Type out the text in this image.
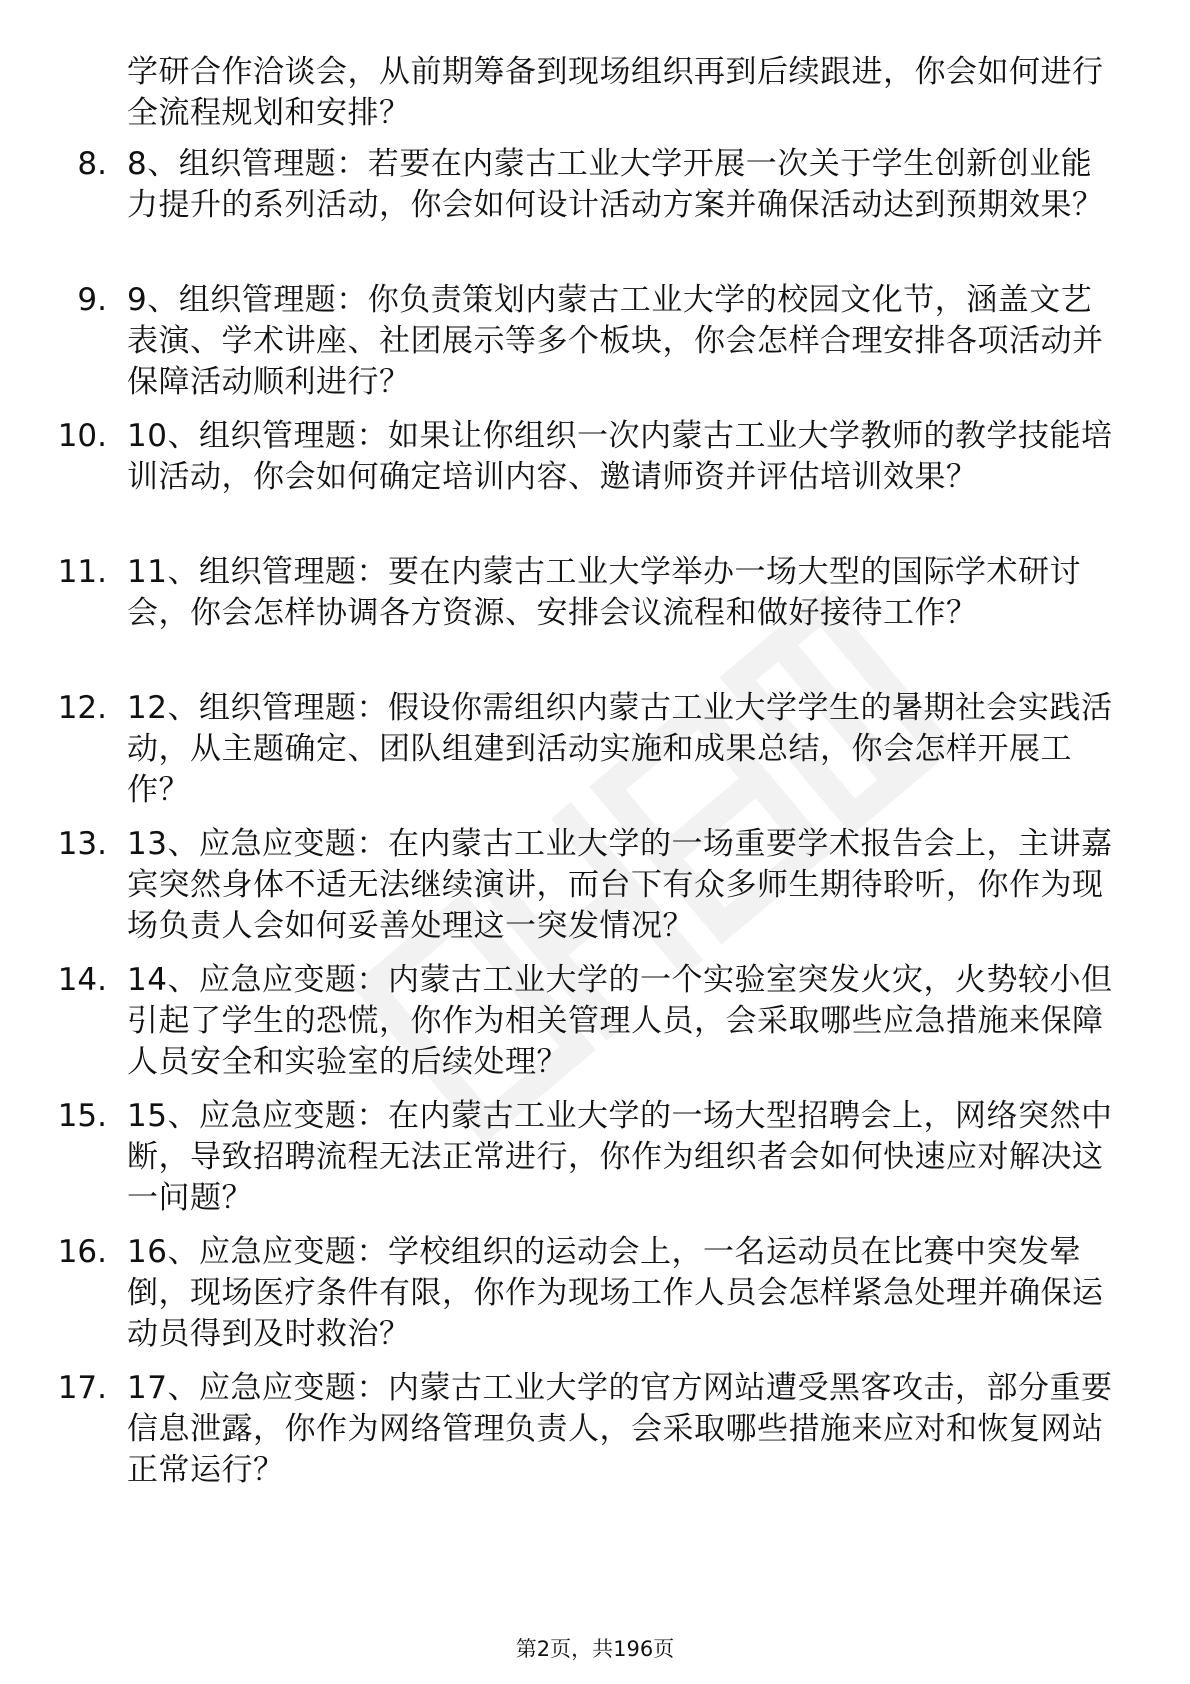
学研合作洽谈会，从前期筹备到现场组织再到后续跟进，你会如何进行全流程规划和安排？
8. 8、组织管理题：若要在内蒙古工业大学开展一次关于学生创新创业能力提升的系列活动，你会如何设计活动方案并确保活动达到预期效果？
9. 9、组织管理题：你负责策划内蒙古工业大学的校园文化节，涵盖文艺表演、学术讲座、社团展示等多个板块，你会怎样合理安排各项活动并保障活动顺利进行？
10. 10、组织管理题：如果让你组织一次内蒙古工业大学教师的教学技能培训活动，你会如何确定培训内容、邀请师资并评估培训效果？
11. 11、组织管理题：要在内蒙古工业大学举办一场大型的国际学术研讨会，你会怎样协调各方资源、安排会议流程和做好接待工作？
12. 12、组织管理题：假设你需组织内蒙古工业大学学生的暑期社会实践活动，从主题确定、团队组建到活动实施和成果总结，你会怎样开展工作？
13. 13、应急应变题：在内蒙古工业大学的一场重要学术报告会上，主讲嘉宾突然身体不适无法继续演讲，而台下有众多师生期待聆听，你作为现场负责人会如何妥善处理这一突发情况？
14. 14、应急应变题：内蒙古工业大学的一个实验室突发火灾，火势较小但引起了学生的恐慌，你作为相关管理人员，会采取哪些应急措施来保障人员安全和实验室的后续处理？
15. 15、应急应变题：在内蒙古工业大学的一场大型招聘会上，网络突然中断，导致招聘流程无法正常进行，你作为组织者会如何快速应对解决这一问题？
16. 16、应急应变题：学校组织的运动会上，一名运动员在比赛中突发晕倒，现场医疗条件有限，你作为现场工作人员会怎样紧急处理并确保运动员得到及时救治？
17. 17、应急应变题：内蒙古工业大学的官方网站遭受黑客攻击，部分重要信息泄露，你作为网络管理负责人，会采取哪些措施来应对和恢复网站正常运行？
第2页，共196页
